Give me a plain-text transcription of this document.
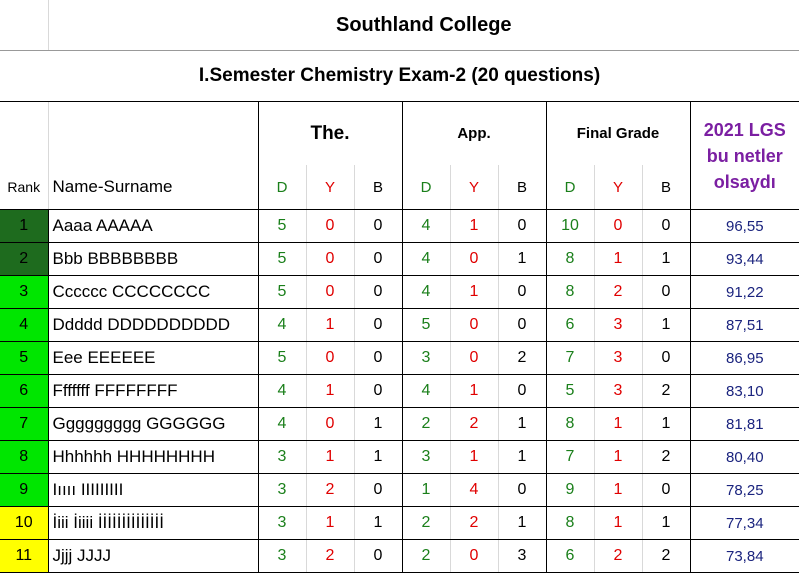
	Southland College										
I.Semester Chemistry Exam-2 (20 questions)											
		The.			App.			Final Grade			2021 LGS bu netler olsaydı
Rank	Name-Surname	D	Y	B	D	Y	B	D	Y	B	
1	Aaaa AAAAA	5	0	0	4	1	0	10	0	0	96,55
2	Bbb BBBBBBBB	5	0	0	4	0	1	8	1	1	93,44
3	Cccccc CCCCCCCC	5	0	0	4	1	0	8	2	0	91,22
4	Ddddd DDDDDDDDDD	4	1	0	5	0	0	6	3	1	87,51
5	Eee EEEEEE	5	0	0	3	0	2	7	3	0	86,95
6	Fffffff FFFFFFFF	4	1	0	4	1	0	5	3	2	83,10
7	Ggggggggg GGGGGG	4	0	1	2	2	1	8	1	1	81,81
8	Hhhhhh HHHHHHHH	3	1	1	3	1	1	7	1	2	80,40
9	Iıııı IIIIIIIII	3	2	0	1	4	0	9	1	0	78,25
10	İiii İiiii İİİİİİİİİİİİİİ	3	1	1	2	2	1	8	1	1	77,34
11	Jjjj JJJJ	3	2	0	2	0	3	6	2	2	73,84
